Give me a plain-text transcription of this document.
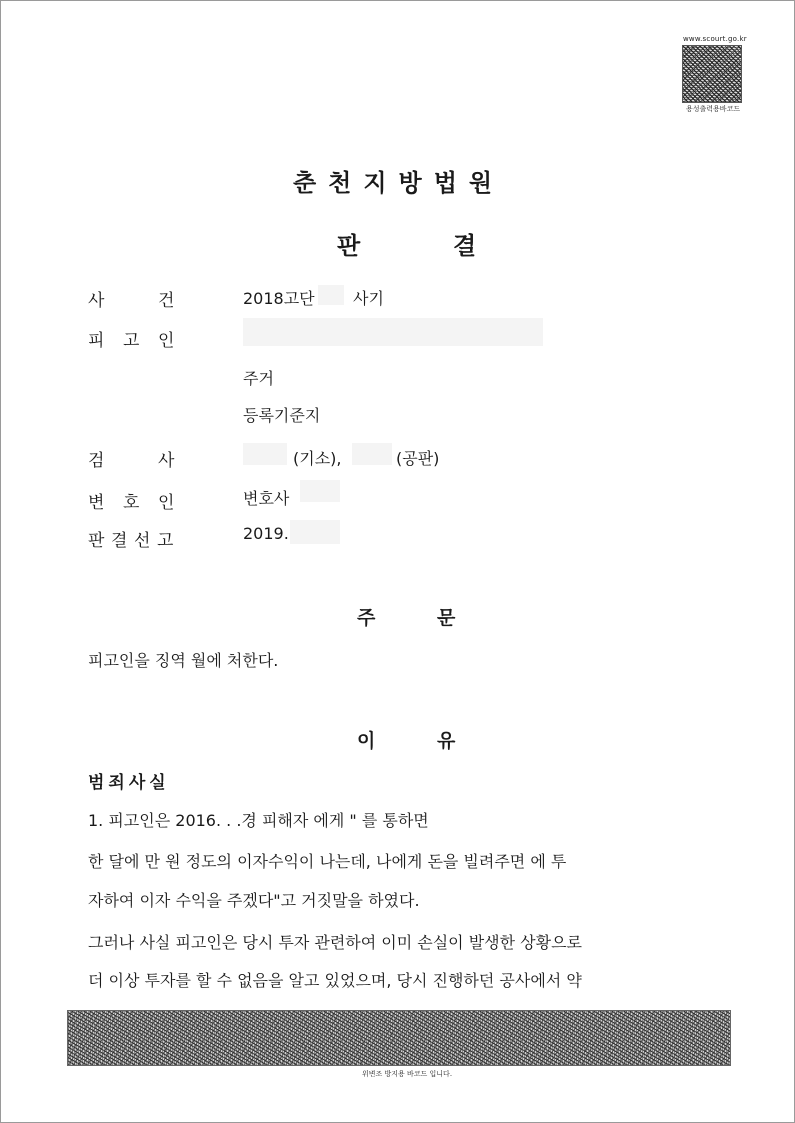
www.scourt.go.kr
용성출력용바코드
춘천지방법원
판	결
사	건	2018고단 사기
피 고 인
주거
등록기준지
검	사	(기소),	(공판)
변 호 인	변호사
판 결 선 고	2019.
주	문
피고인을 징역 월에 처한다.
이	유
범죄사실
1. 피고인은 2016. . .경 피해자 에게 " 를 통하면
한 달에 만 원 정도의 이자수익이 나는데, 나에게 돈을 빌려주면 에 투
자하여 이자 수익을 주겠다"고 거짓말을 하였다.
그러나 사실 피고인은 당시 투자 관련하여 이미 손실이 발생한 상황으로
더 이상 투자를 할 수 없음을 알고 있었으며, 당시 진행하던 공사에서 약
위변조 방지용 바코드 입니다.
